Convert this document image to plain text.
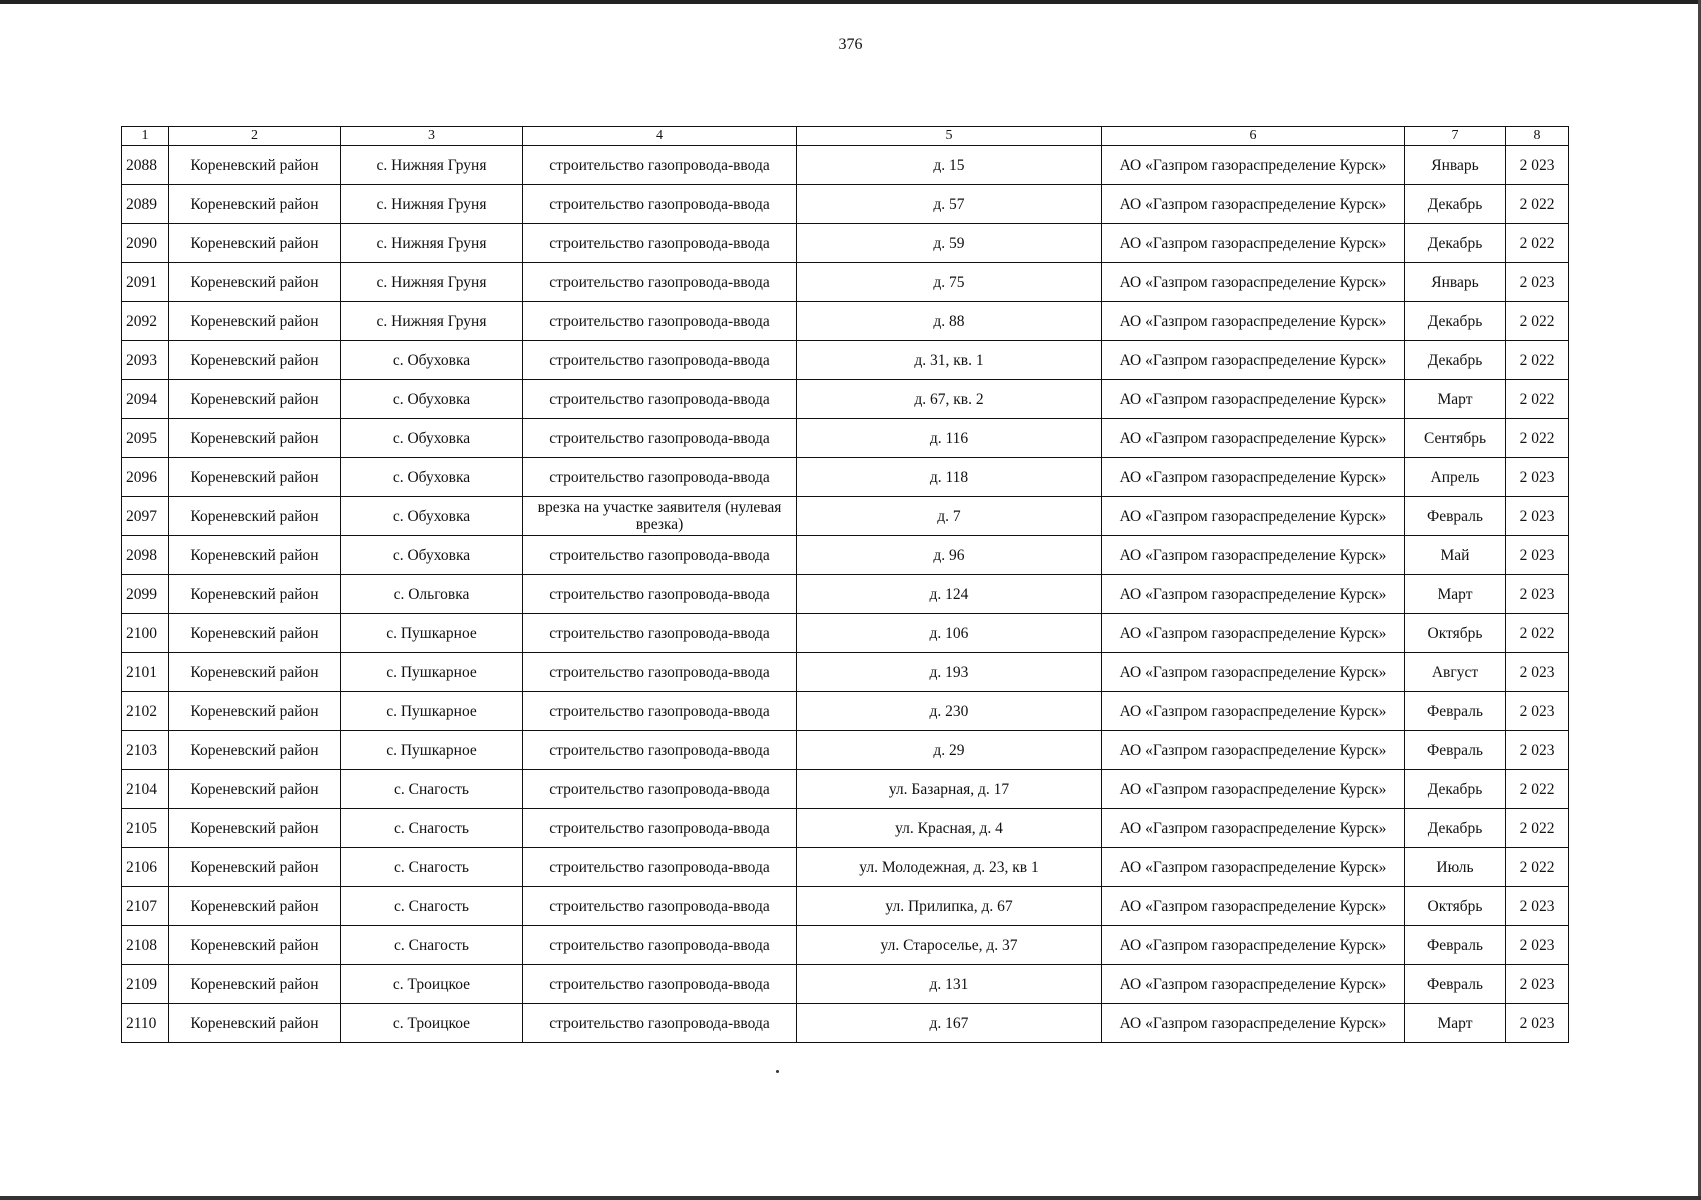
376
1	2	3	4	5	6	7	8
2088	Кореневский район	с. Нижняя Груня	строительство газопровода-ввода	д. 15	АО «Газпром газораспределение Курск»	Январь	2 023
2089	Кореневский район	с. Нижняя Груня	строительство газопровода-ввода	д. 57	АО «Газпром газораспределение Курск»	Декабрь	2 022
2090	Кореневский район	с. Нижняя Груня	строительство газопровода-ввода	д. 59	АО «Газпром газораспределение Курск»	Декабрь	2 022
2091	Кореневский район	с. Нижняя Груня	строительство газопровода-ввода	д. 75	АО «Газпром газораспределение Курск»	Январь	2 023
2092	Кореневский район	с. Нижняя Груня	строительство газопровода-ввода	д. 88	АО «Газпром газораспределение Курск»	Декабрь	2 022
2093	Кореневский район	с. Обуховка	строительство газопровода-ввода	д. 31, кв. 1	АО «Газпром газораспределение Курск»	Декабрь	2 022
2094	Кореневский район	с. Обуховка	строительство газопровода-ввода	д. 67, кв. 2	АО «Газпром газораспределение Курск»	Март	2 022
2095	Кореневский район	с. Обуховка	строительство газопровода-ввода	д. 116	АО «Газпром газораспределение Курск»	Сентябрь	2 022
2096	Кореневский район	с. Обуховка	строительство газопровода-ввода	д. 118	АО «Газпром газораспределение Курск»	Апрель	2 023
2097	Кореневский район	с. Обуховка	врезка на участке заявителя (нулевая врезка)	д. 7	АО «Газпром газораспределение Курск»	Февраль	2 023
2098	Кореневский район	с. Обуховка	строительство газопровода-ввода	д. 96	АО «Газпром газораспределение Курск»	Май	2 023
2099	Кореневский район	с. Ольговка	строительство газопровода-ввода	д. 124	АО «Газпром газораспределение Курск»	Март	2 023
2100	Кореневский район	с. Пушкарное	строительство газопровода-ввода	д. 106	АО «Газпром газораспределение Курск»	Октябрь	2 022
2101	Кореневский район	с. Пушкарное	строительство газопровода-ввода	д. 193	АО «Газпром газораспределение Курск»	Август	2 023
2102	Кореневский район	с. Пушкарное	строительство газопровода-ввода	д. 230	АО «Газпром газораспределение Курск»	Февраль	2 023
2103	Кореневский район	с. Пушкарное	строительство газопровода-ввода	д. 29	АО «Газпром газораспределение Курск»	Февраль	2 023
2104	Кореневский район	с. Снагость	строительство газопровода-ввода	ул. Базарная, д. 17	АО «Газпром газораспределение Курск»	Декабрь	2 022
2105	Кореневский район	с. Снагость	строительство газопровода-ввода	ул. Красная, д. 4	АО «Газпром газораспределение Курск»	Декабрь	2 022
2106	Кореневский район	с. Снагость	строительство газопровода-ввода	ул. Молодежная, д. 23, кв 1	АО «Газпром газораспределение Курск»	Июль	2 022
2107	Кореневский район	с. Снагость	строительство газопровода-ввода	ул. Прилипка, д. 67	АО «Газпром газораспределение Курск»	Октябрь	2 023
2108	Кореневский район	с. Снагость	строительство газопровода-ввода	ул. Староселье, д. 37	АО «Газпром газораспределение Курск»	Февраль	2 023
2109	Кореневский район	с. Троицкое	строительство газопровода-ввода	д. 131	АО «Газпром газораспределение Курск»	Февраль	2 023
2110	Кореневский район	с. Троицкое	строительство газопровода-ввода	д. 167	АО «Газпром газораспределение Курск»	Март	2 023
